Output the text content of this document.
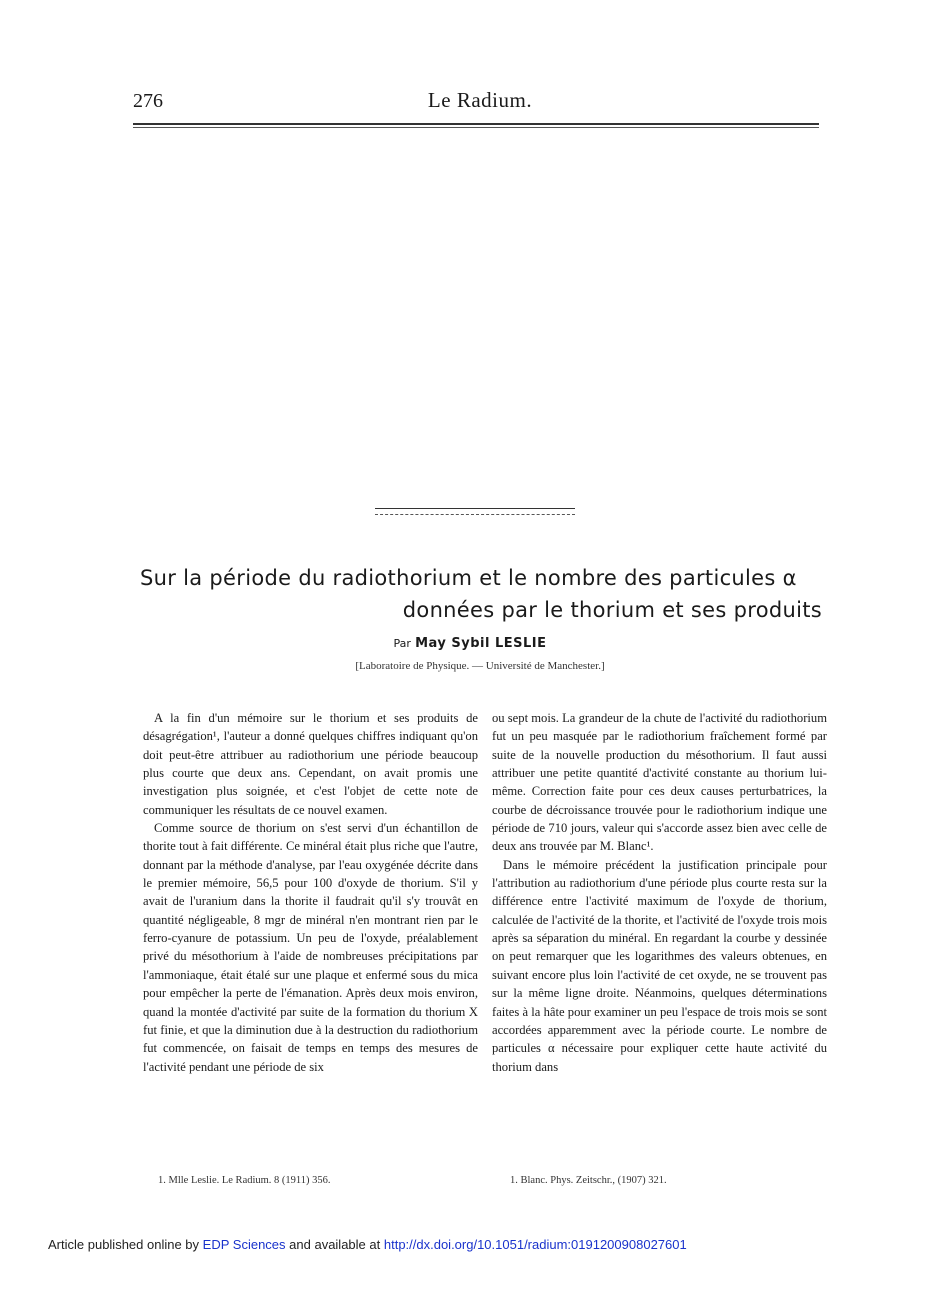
276	Le Radium.
Sur la période du radiothorium et le nombre des particules α
données par le thorium et ses produits
Par May Sybil LESLIE
[Laboratoire de Physique. — Université de Manchester.]

A la fin d'un mémoire sur le thorium et ses produits de désagrégation¹, l'auteur a donné quelques chiffres indiquant qu'on doit peut-être attribuer au radiothorium une période beaucoup plus courte que deux ans. Cependant, on avait promis une investigation plus soignée, et c'est l'objet de cette note de communiquer les résultats de ce nouvel examen.

Comme source de thorium on s'est servi d'un échantillon de thorite tout à fait différente. Ce minéral était plus riche que l'autre, donnant par la méthode d'analyse, par l'eau oxygénée décrite dans le premier mémoire, 56,5 pour 100 d'oxyde de thorium. S'il y avait de l'uranium dans la thorite il faudrait qu'il s'y trouvât en quantité négligeable, 8 mgr de minéral n'en montrant rien par le ferro-cyanure de potassium. Un peu de l'oxyde, préalablement privé du mésothorium à l'aide de nombreuses précipitations par l'ammoniaque, était étalé sur une plaque et enfermé sous du mica pour empêcher la perte de l'émanation. Après deux mois environ, quand la montée d'activité par suite de la formation du thorium X fut finie, et que la diminution due à la destruction du radiothorium fut commencée, on faisait de temps en temps des mesures de l'activité pendant une période de six

ou sept mois. La grandeur de la chute de l'activité du radiothorium fut un peu masquée par le radiothorium fraîchement formé par suite de la nouvelle production du mésothorium. Il faut aussi attribuer une petite quantité d'activité constante au thorium lui-même. Correction faite pour ces deux causes perturbatrices, la courbe de décroissance trouvée pour le radiothorium indique une période de 710 jours, valeur qui s'accorde assez bien avec celle de deux ans trouvée par M. Blanc¹.

Dans le mémoire précédent la justification principale pour l'attribution au radiothorium d'une période plus courte resta sur la différence entre l'activité maximum de l'oxyde de thorium, calculée de l'activité de la thorite, et l'activité de l'oxyde trois mois après sa séparation du minéral. En regardant la courbe y dessinée on peut remarquer que les logarithmes des valeurs obtenues, en suivant encore plus loin l'activité de cet oxyde, ne se trouvent pas sur la même ligne droite. Néanmoins, quelques déterminations faites à la hâte pour examiner un peu l'espace de trois mois se sont accordées apparemment avec la période courte. Le nombre de particules α nécessaire pour expliquer cette haute activité du thorium dans

1. Mlle Leslie. Le Radium. 8 (1911) 356.	1. Blanc. Phys. Zeitschr., (1907) 321.
Article published online by EDP Sciences and available at http://dx.doi.org/10.1051/radium:0191200908027601
